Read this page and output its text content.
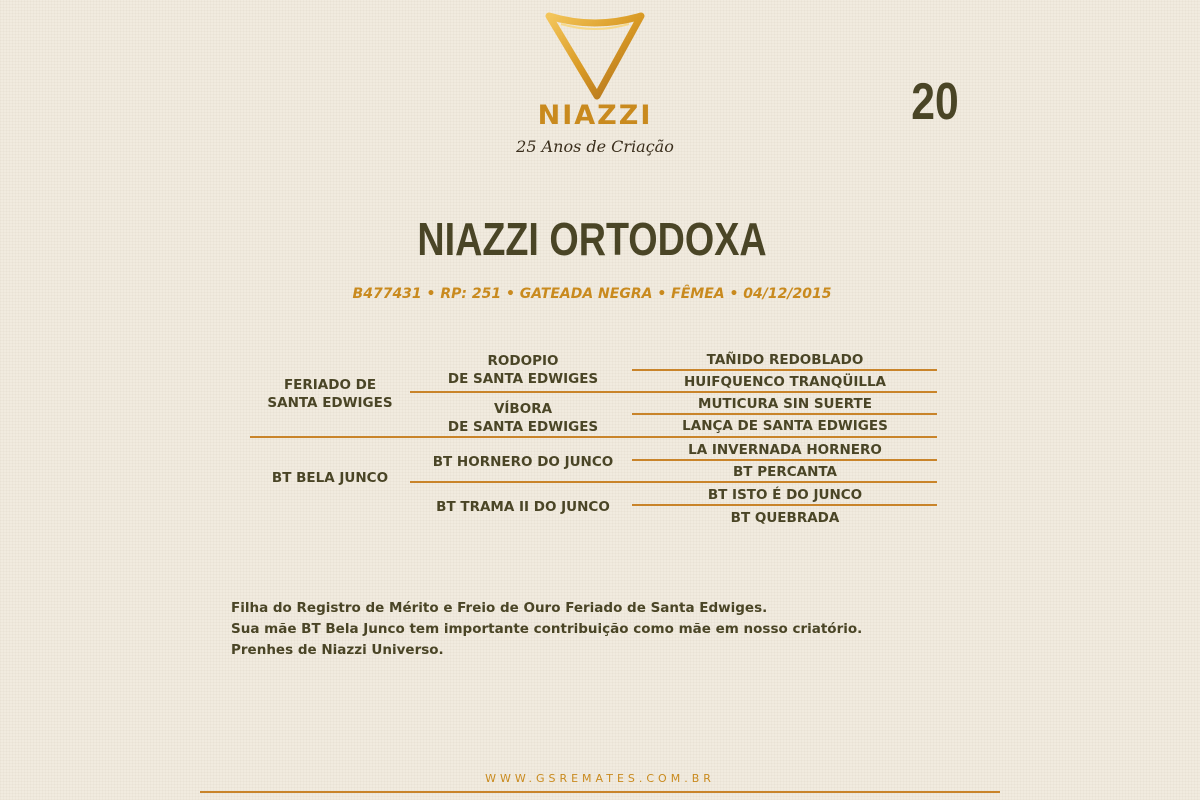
NIAZZI
25 Anos de Criação
20
NIAZZI ORTODOXA
B477431 • RP: 251 • GATEADA NEGRA • FÊMEA • 04/12/2015
FERIADO DE
SANTA EDWIGES
BT BELA JUNCO
RODOPIO
DE SANTA EDWIGES
VÍBORA
DE SANTA EDWIGES
BT HORNERO DO JUNCO
BT TRAMA II DO JUNCO
TAÑIDO REDOBLADO
HUIFQUENCO TRANQÜILLA
MUTICURA SIN SUERTE
LANÇA DE SANTA EDWIGES
LA INVERNADA HORNERO
BT PERCANTA
BT ISTO É DO JUNCO
BT QUEBRADA
Filha do Registro de Mérito e Freio de Ouro Feriado de Santa Edwiges.
Sua mãe BT Bela Junco tem importante contribuição como mãe em nosso criatório.
Prenhes de Niazzi Universo.
WWW.GSREMATES.COM.BR
